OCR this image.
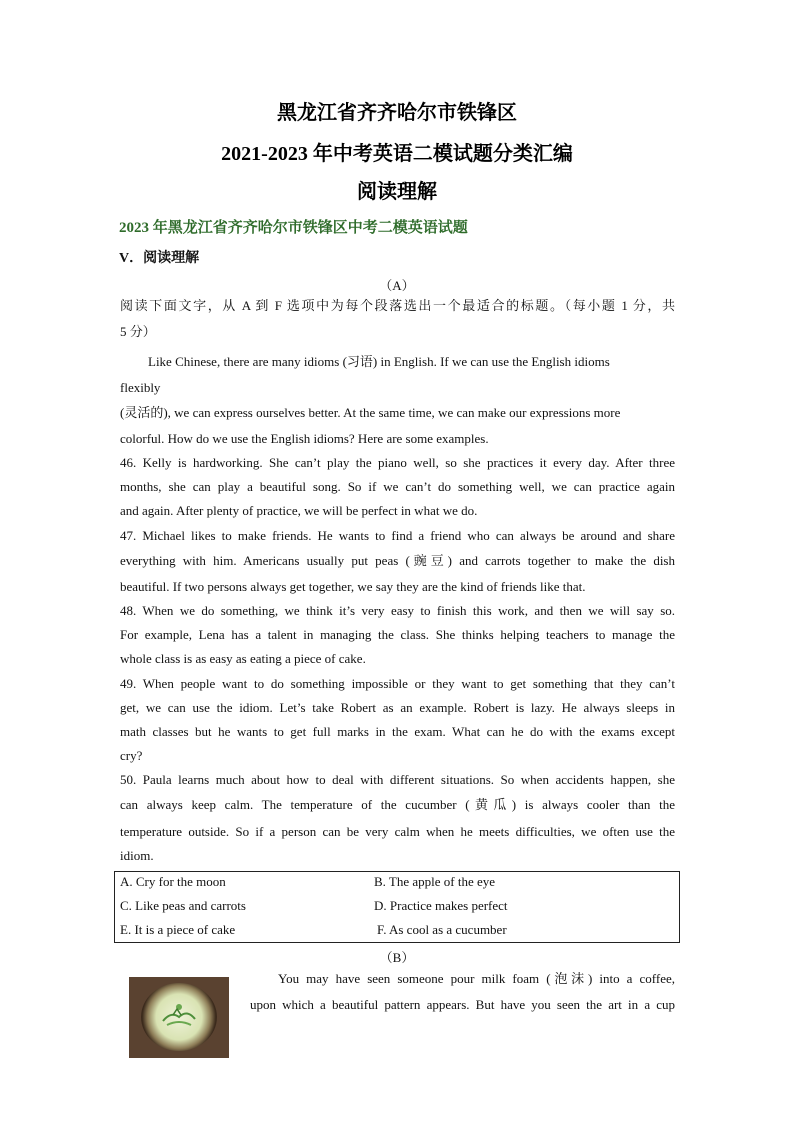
黑龙江省齐齐哈尔市铁锋区
2021-2023 年中考英语二模试题分类汇编
阅读理解
2023 年黑龙江省齐齐哈尔市铁锋区中考二模英语试题
V．阅读理解
（A）
阅读下面文字，从 A 到 F 选项中为每个段落选出一个最适合的标题。（每小题 1 分，共
5 分）
Like Chinese, there are many idioms (习语) in English. If we can use the English idioms
flexibly
(灵活的), we can express ourselves better. At the same time, we can make our expressions more
colorful. How do we use the English idioms? Here are some examples.
46. Kelly is hardworking. She can’t play the piano well, so she practices it every day. After three
months, she can play a beautiful song. So if we can’t do something well, we can practice again
and again. After plenty of practice, we will be perfect in what we do.
47. Michael likes to make friends. He wants to find a friend who can always be around and share
everything with him. Americans usually put peas (豌豆) and carrots together to make the dish
beautiful. If two persons always get together, we say they are the kind of friends like that.
48. When we do something, we think it’s very easy to finish this work, and then we will say so.
For example, Lena has a talent in managing the class. She thinks helping teachers to manage the
whole class is as easy as eating a piece of cake.
49. When people want to do something impossible or they want to get something that they can’t
get, we can use the idiom. Let’s take Robert as an example. Robert is lazy. He always sleeps in
math classes but he wants to get full marks in the exam. What can he do with the exams except
cry?
50. Paula learns much about how to deal with different situations. So when accidents happen, she
can always keep calm. The temperature of the cucumber (黄瓜) is always cooler than the
temperature outside. So if a person can be very calm when he meets difficulties, we often use the
idiom.
A. Cry for the moon	B. The apple of the eye
C. Like peas and carrots	D. Practice makes perfect
E. It is a piece of cake	F. As cool as a cucumber
（B）
You may have seen someone pour milk foam (泡沫) into a coffee,
upon which a beautiful pattern appears. But have you seen the art in a cup
